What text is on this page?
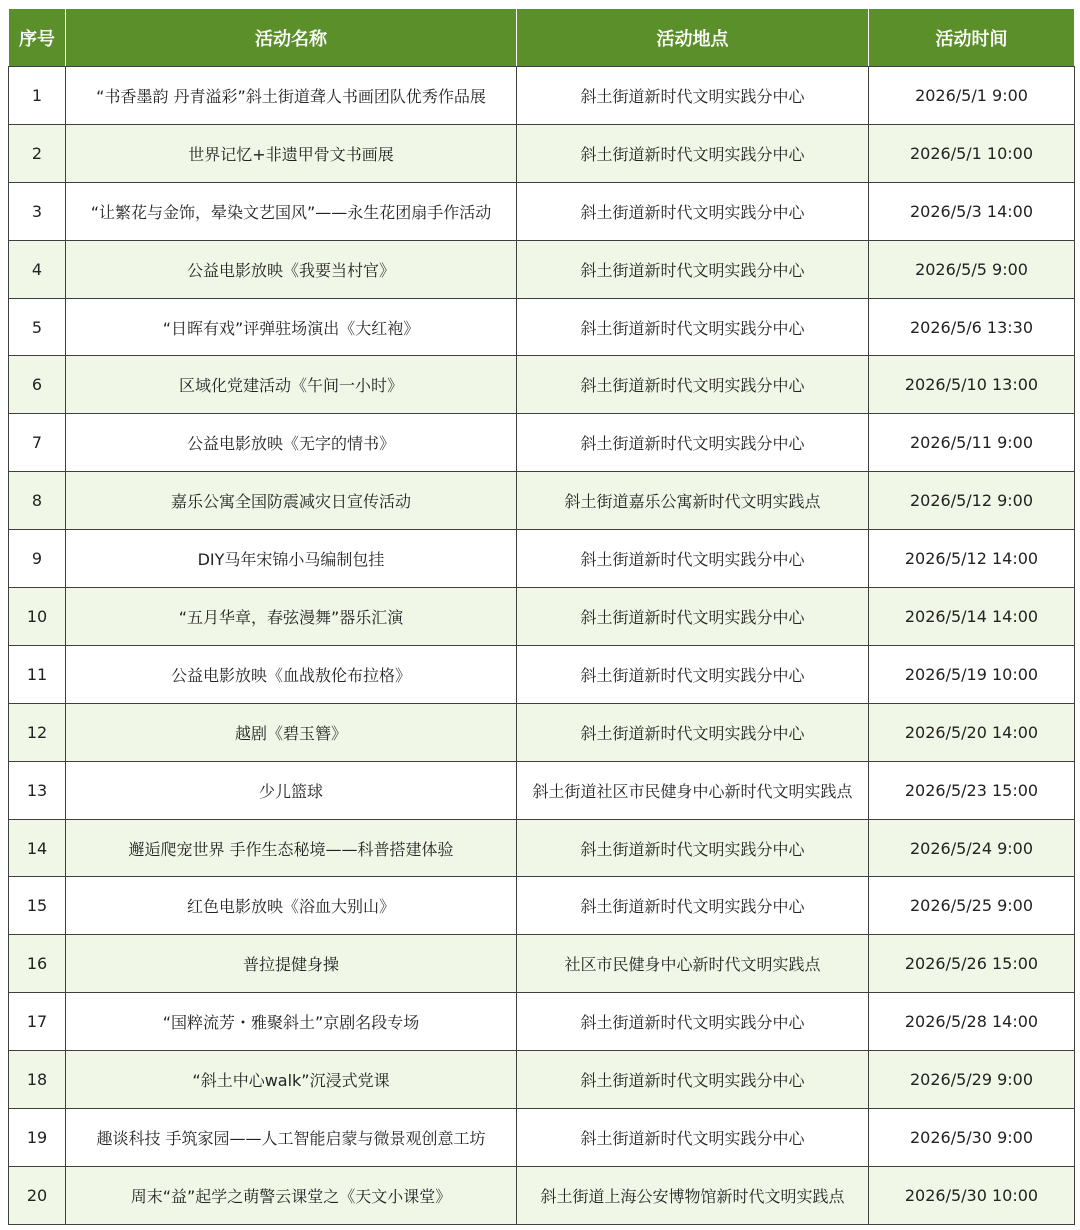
序号	活动名称	活动地点	活动时间
1	“书香墨韵 丹青溢彩”斜土街道聋人书画团队优秀作品展	斜土街道新时代文明实践分中心	2026/5/1 9:00
2	世界记忆+非遗甲骨文书画展	斜土街道新时代文明实践分中心	2026/5/1 10:00
3	“让繁花与金饰，晕染文艺国风”——永生花团扇手作活动	斜土街道新时代文明实践分中心	2026/5/3 14:00
4	公益电影放映《我要当村官》	斜土街道新时代文明实践分中心	2026/5/5 9:00
5	“日晖有戏”评弹驻场演出《大红袍》	斜土街道新时代文明实践分中心	2026/5/6 13:30
6	区域化党建活动《午间一小时》	斜土街道新时代文明实践分中心	2026/5/10 13:00
7	公益电影放映《无字的情书》	斜土街道新时代文明实践分中心	2026/5/11 9:00
8	嘉乐公寓全国防震减灾日宣传活动	斜土街道嘉乐公寓新时代文明实践点	2026/5/12 9:00
9	DIY马年宋锦小马编制包挂	斜土街道新时代文明实践分中心	2026/5/12 14:00
10	“五月华章，春弦漫舞”器乐汇演	斜土街道新时代文明实践分中心	2026/5/14 14:00
11	公益电影放映《血战敖伦布拉格》	斜土街道新时代文明实践分中心	2026/5/19 10:00
12	越剧《碧玉簪》	斜土街道新时代文明实践分中心	2026/5/20 14:00
13	少儿篮球	斜土街道社区市民健身中心新时代文明实践点	2026/5/23 15:00
14	邂逅爬宠世界 手作生态秘境——科普搭建体验	斜土街道新时代文明实践分中心	2026/5/24 9:00
15	红色电影放映《浴血大别山》	斜土街道新时代文明实践分中心	2026/5/25 9:00
16	普拉提健身操	社区市民健身中心新时代文明实践点	2026/5/26 15:00
17	“国粹流芳・雅聚斜土”京剧名段专场	斜土街道新时代文明实践分中心	2026/5/28 14:00
18	“斜土中心walk”沉浸式党课	斜土街道新时代文明实践分中心	2026/5/29 9:00
19	趣谈科技 手筑家园——人工智能启蒙与微景观创意工坊	斜土街道新时代文明实践分中心	2026/5/30 9:00
20	周末“益”起学之萌警云课堂之《天文小课堂》	斜土街道上海公安博物馆新时代文明实践点	2026/5/30 10:00
